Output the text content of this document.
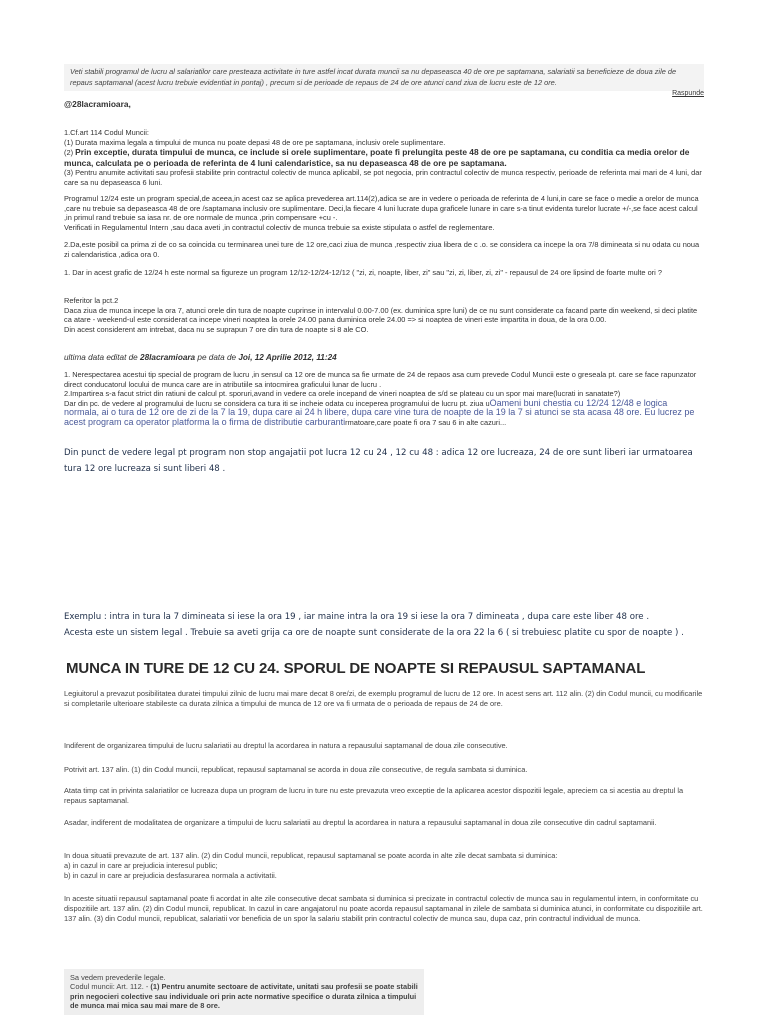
Veti stabili programul de lucru al salariatilor care presteaza activitate in ture astfel incat durata muncii sa nu depaseasca 40 de ore pe saptamana, salariatii sa beneficieze de doua zile de repaus saptamanal (acest lucru trebuie evidentiat in pontaj) , precum si de perioade de repaus de 24 de ore atunci cand ziua de lucru este de 12 ore.
Raspunde
@28lacramioara,

1.Cf.art 114 Codul Muncii:

(1) Durata maxima legala a timpului de munca nu poate depasi 48 de ore pe saptamana, inclusiv orele suplimentare.

(2) Prin exceptie, durata timpului de munca, ce include si orele suplimentare, poate fi prelungita peste 48 de ore pe saptamana, cu conditia ca media orelor de munca, calculata pe o perioada de referinta de 4 luni calendaristice, sa nu depaseasca 48 de ore pe saptamana.

(3) Pentru anumite activitati sau profesii stabilite prin contractul colectiv de munca aplicabil, se pot negocia, prin contractul colectiv de munca respectiv, perioade de referinta mai mari de 4 luni, dar care sa nu depaseasca 6 luni.

Programul 12/24 este un program special,de aceea,in acest caz se aplica prevederea art.114(2),adica se are in vedere o perioada de referinta de 4 luni,in care se face o medie a orelor de munca ,care nu trebuie sa depaseasca 48 de ore /saptamana inclusiv ore suplimentare. Deci,la fiecare 4 luni lucrate dupa graficele lunare in care s-a tinut evidenta turelor lucrate +/-,se face acest calcul ,in primul rand trebuie sa iasa nr. de ore normale de munca ,prin compensare +cu -.

Verificati in Regulamentul Intern ,sau daca aveti ,in contractul colectiv de munca trebuie sa existe stipulata o astfel de reglementare.

2.Da,este posibil ca prima zi de co sa coincida cu terminarea unei ture de 12 ore,caci ziua de munca ,respectiv ziua libera de c .o. se considera ca incepe la ora 7/8 dimineata si nu odata cu noua zi calendaristica ,adica ora 0.
1. Dar in acest grafic de 12/24 h este normal sa figureze un program 12/12-12/24-12/12 ( "zi, zi, noapte, liber, zi" sau "zi, zi, liber, zi, zi" - repausul de 24 ore lipsind de foarte multe ori ?

Referitor la pct.2

Daca ziua de munca incepe la ora 7, atunci orele din tura de noapte cuprinse in intervalul 0.00-7.00 (ex. duminica spre luni) de ce nu sunt considerate ca facand parte din weekend, si deci platite ca atare - weekend-ul este considerat ca incepe vineri noaptea la orele 24.00 pana duminica orele 24.00 => si noaptea de vineri este impartita in doua, de la ora 0.00.

Din acest considerent am intrebat, daca nu se suprapun 7 ore din tura de noapte si 8 ale CO.

ultima data editat de 28lacramioara pe data de Joi, 12 Aprilie 2012, 11:24

1. Nerespectarea acestui tip special de program de lucru ,in sensul ca 12 ore de munca sa fie urmate de 24 de repaos asa cum prevede Codul Muncii este o greseala pt. care se face rapunzator direct conducatorul locului de munca care are in atributiile sa intocmirea graficului lunar de lucru .

2.Impartirea s-a facut strict din ratiuni de calcul pt. sporuri,avand in vedere ca orele incepand de vineri noaptea de s/d se plateau cu un spor mai mare(lucrati in sanatate?)

Dar din pc. de vedere al programului de lucru se considera ca tura iti se incheie odata cu inceperea programului de lucru pt. ziua uOameni buni chestia cu 12/24 12/48 e logica normala, ai o tura de 12 ore de zi de la 7 la 19, dupa care ai 24 h libere, dupa care vine tura de noapte de la 19 la 7 si atunci se sta acasa 48 ore. Eu lucrez pe acest program ca operator platforma la o firma de distributie carburantirmatoare,care poate fi ora 7 sau 6 in alte cazuri...

Din punct de vedere legal pt program non stop angajatii pot lucra 12 cu 24 , 12 cu 48 : adica 12 ore lucreaza, 24 de ore sunt liberi iar urmatoarea tura 12 ore lucreaza si sunt liberi 48 .

Exemplu : intra in tura la 7 dimineata si iese la ora 19 , iar maine intra la ora 19 si iese la ora 7 dimineata , dupa care este liber 48 ore .

Acesta este un sistem legal . Trebuie sa aveti grija ca ore de noapte sunt considerate de la ora 22 la 6 ( si trebuiesc platite cu spor de noapte ) .

MUNCA IN TURE DE 12 CU 24. SPORUL DE NOAPTE SI REPAUSUL SAPTAMANAL
Legiuitorul a prevazut posibilitatea duratei timpului zilnic de lucru mai mare decat 8 ore/zi, de exemplu programul de lucru de 12 ore. In acest sens art. 112 alin. (2) din Codul muncii, cu modificarile si completarile ulterioare stabileste ca durata zilnica a timpului de munca de 12 ore va fi urmata de o perioada de repaus de 24 de ore.
Indiferent de organizarea timpului de lucru salariatii au dreptul la acordarea in natura a repausului saptamanal de doua zile consecutive.
Potrivit art. 137 alin. (1) din Codul muncii, republicat, repausul saptamanal se acorda in doua zile consecutive, de regula sambata si duminica.
Atata timp cat in privinta salariatilor ce lucreaza dupa un program de lucru in ture nu este prevazuta vreo exceptie de la aplicarea acestor dispozitii legale, apreciem ca si acestia au dreptul la repaus saptamanal.
Asadar, indiferent de modalitatea de organizare a timpului de lucru salariatii au dreptul la acordarea in natura a repausului saptamanal in doua zile consecutive din cadrul saptamanii.

In doua situatii prevazute de art. 137 alin. (2) din Codul muncii, republicat, repausul saptamanal se poate acorda in alte zile decat sambata si duminica:

a) in cazul in care ar prejudicia interesul public;

b) in cazul in care ar prejudicia desfasurarea normala a activitatii.

In aceste situatii repausul saptamanal poate fi acordat in alte zile consecutive decat sambata si duminica si precizate in contractul colectiv de munca sau in regulamentul intern, in conformitate cu dispozitiile art. 137 alin. (2) din Codul muncii, republicat. In cazul in care angajatorul nu poate acorda repausul saptamanal in zilele de sambata si duminica atunci, in conformitate cu dispozitiile art. 137 alin. (3) din Codul muncii, republicat, salariatii vor beneficia de un spor la salariu stabilit prin contractul colectiv de munca sau, dupa caz, prin contractul individual de munca.

Sa vedem prevederile legale.

Codul muncii: Art. 112. - (1) Pentru anumite sectoare de activitate, unitati sau profesii se poate stabili prin negocieri colective sau individuale ori prin acte normative specifice o durata zilnica a timpului de munca mai mica sau mai mare de 8 ore.
